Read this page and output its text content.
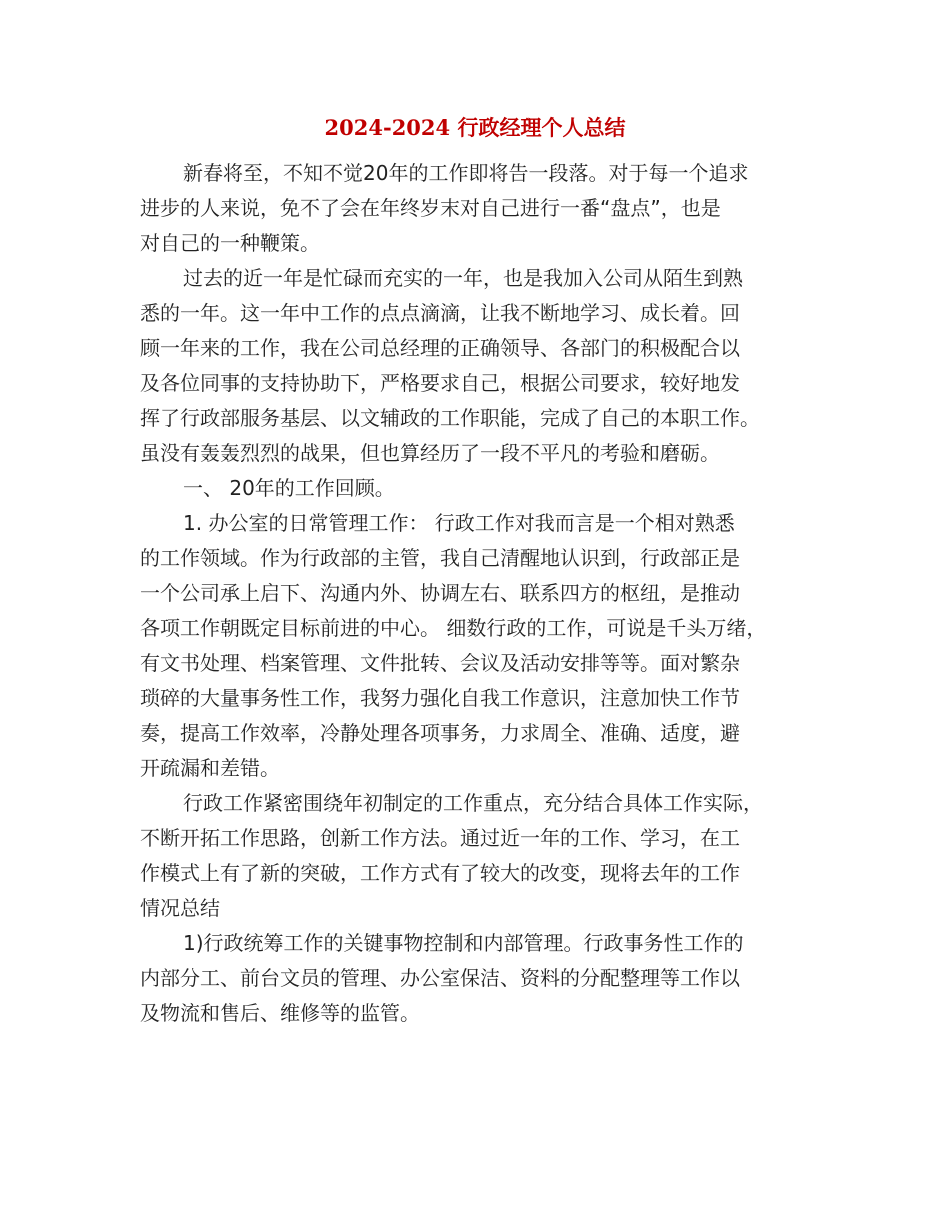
2024-2024 行政经理个人总结
新春将至，不知不觉20年的工作即将告一段落。对于每一个追求
进步的人来说，免不了会在年终岁末对自己进行一番“盘点”，也是
对自己的一种鞭策。
过去的近一年是忙碌而充实的一年，也是我加入公司从陌生到熟
悉的一年。这一年中工作的点点滴滴，让我不断地学习、成长着。回
顾一年来的工作，我在公司总经理的正确领导、各部门的积极配合以
及各位同事的支持协助下，严格要求自己，根据公司要求，较好地发
挥了行政部服务基层、以文辅政的工作职能，完成了自己的本职工作。
虽没有轰轰烈烈的战果，但也算经历了一段不平凡的考验和磨砺。
一、 20年的工作回顾。
1. 办公室的日常管理工作： 行政工作对我而言是一个相对熟悉
的工作领域。作为行政部的主管，我自己清醒地认识到，行政部正是
一个公司承上启下、沟通内外、协调左右、联系四方的枢纽，是推动
各项工作朝既定目标前进的中心。 细数行政的工作，可说是千头万绪，
有文书处理、档案管理、文件批转、会议及活动安排等等。面对繁杂
琐碎的大量事务性工作，我努力强化自我工作意识，注意加快工作节
奏，提高工作效率，冷静处理各项事务，力求周全、准确、适度，避
开疏漏和差错。
行政工作紧密围绕年初制定的工作重点，充分结合具体工作实际，
不断开拓工作思路，创新工作方法。通过近一年的工作、学习，在工
作模式上有了新的突破，工作方式有了较大的改变，现将去年的工作
情况总结
1)行政统筹工作的关键事物控制和内部管理。行政事务性工作的
内部分工、前台文员的管理、办公室保洁、资料的分配整理等工作以
及物流和售后、维修等的监管。
